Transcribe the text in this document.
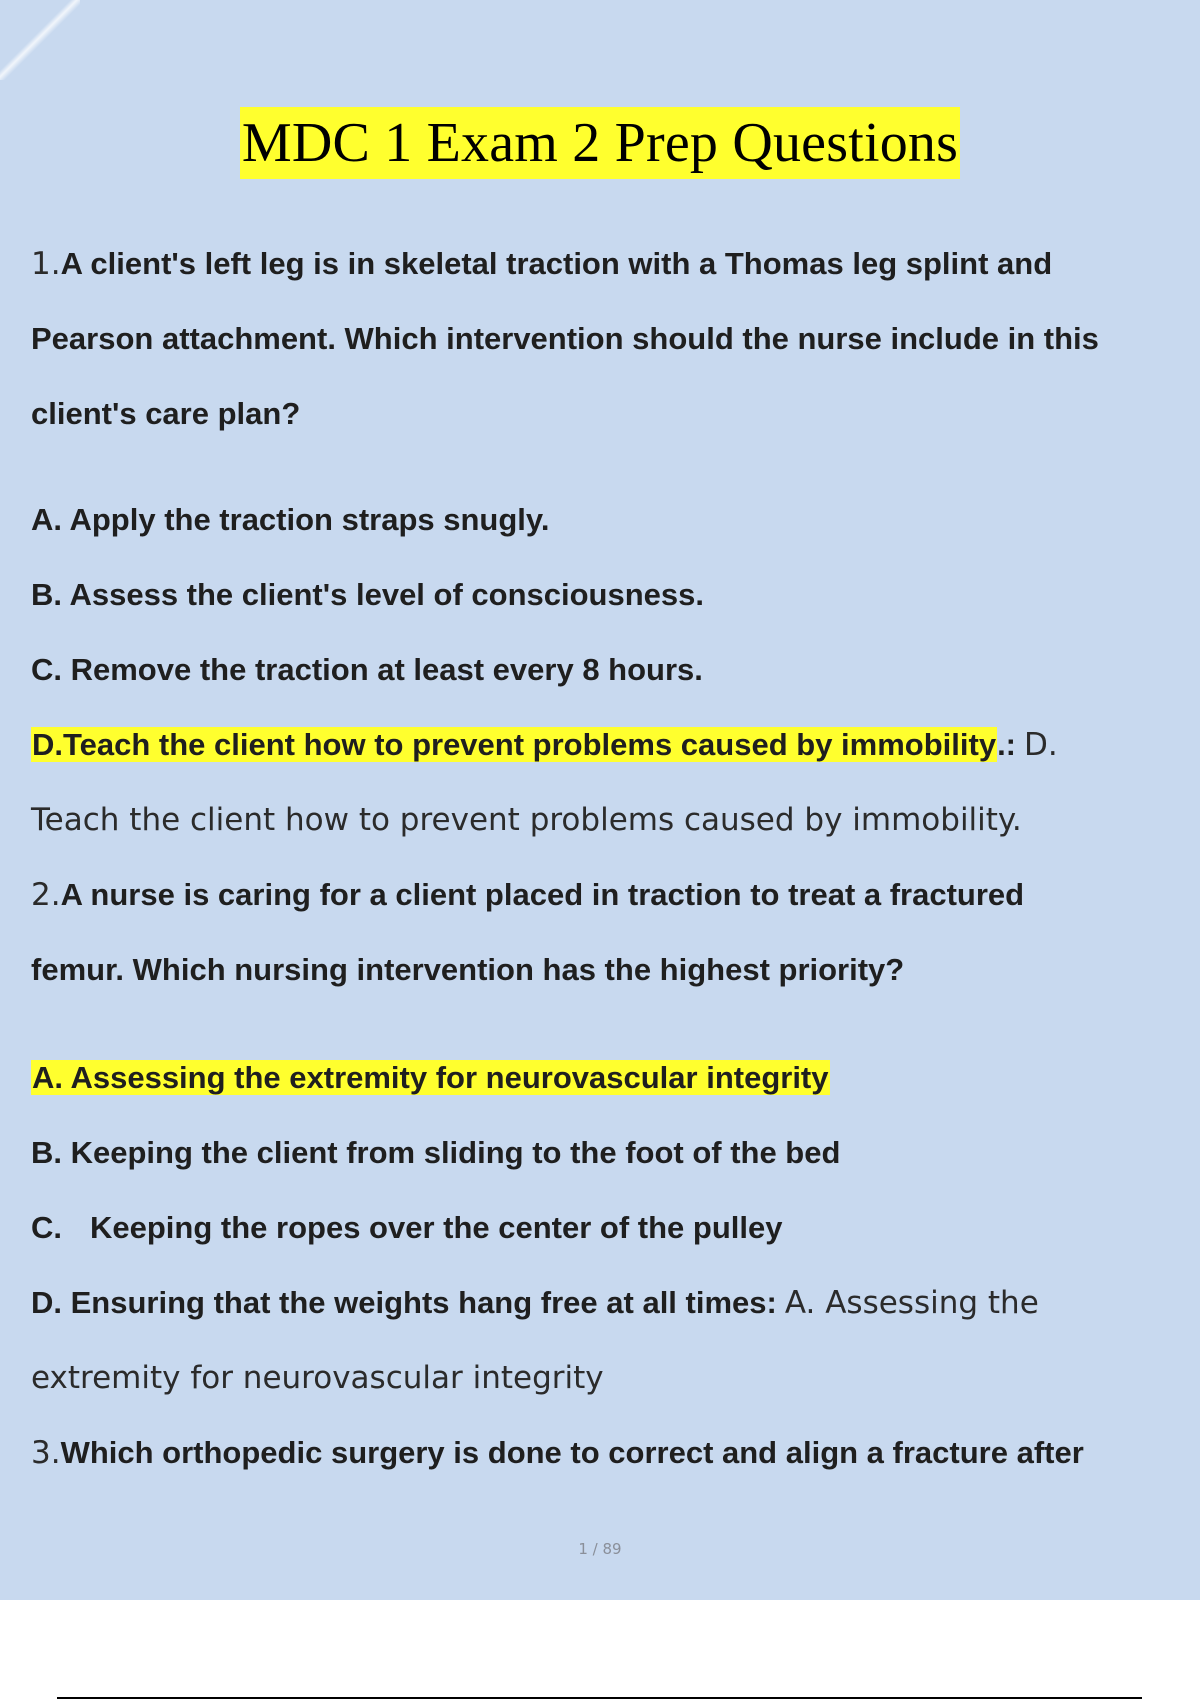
MDC 1 Exam 2 Prep Questions
1.A client's left leg is in skeletal traction with a Thomas leg splint and
Pearson attachment. Which intervention should the nurse include in this
client's care plan?
A. Apply the traction straps snugly.
B. Assess the client's level of consciousness.
C. Remove the traction at least every 8 hours.
D.Teach the client how to prevent problems caused by immobility.: D.
Teach the client how to prevent problems caused by immobility.
2.A nurse is caring for a client placed in traction to treat a fractured
femur. Which nursing intervention has the highest priority?
A. Assessing the extremity for neurovascular integrity
B. Keeping the client from sliding to the foot of the bed
C. Keeping the ropes over the center of the pulley
D. Ensuring that the weights hang free at all times: A. Assessing the
extremity for neurovascular integrity
3.Which orthopedic surgery is done to correct and align a fracture after
1 / 89
